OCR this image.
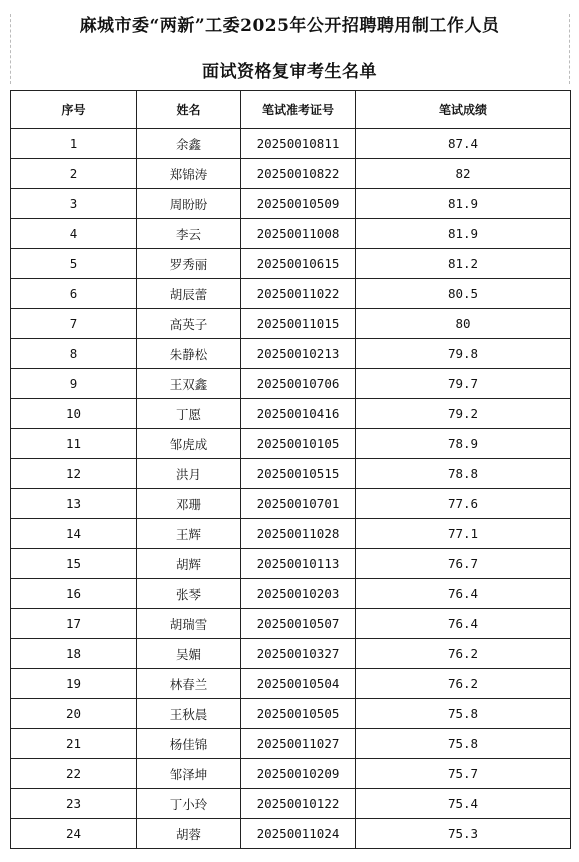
麻城市委“两新”工委2025年公开招聘聘用制工作人员
面试资格复审考生名单
序号	姓名	笔试准考证号	笔试成绩
1	余鑫	20250010811	87.4
2	郑锦涛	20250010822	82
3	周盼盼	20250010509	81.9
4	李云	20250011008	81.9
5	罗秀丽	20250010615	81.2
6	胡辰蕾	20250011022	80.5
7	高英子	20250011015	80
8	朱静松	20250010213	79.8
9	王双鑫	20250010706	79.7
10	丁愿	20250010416	79.2
11	邹虎成	20250010105	78.9
12	洪月	20250010515	78.8
13	邓珊	20250010701	77.6
14	王辉	20250011028	77.1
15	胡辉	20250010113	76.7
16	张琴	20250010203	76.4
17	胡瑞雪	20250010507	76.4
18	吴媚	20250010327	76.2
19	林春兰	20250010504	76.2
20	王秋晨	20250010505	75.8
21	杨佳锦	20250011027	75.8
22	邹泽坤	20250010209	75.7
23	丁小玲	20250010122	75.4
24	胡蓉	20250011024	75.3
